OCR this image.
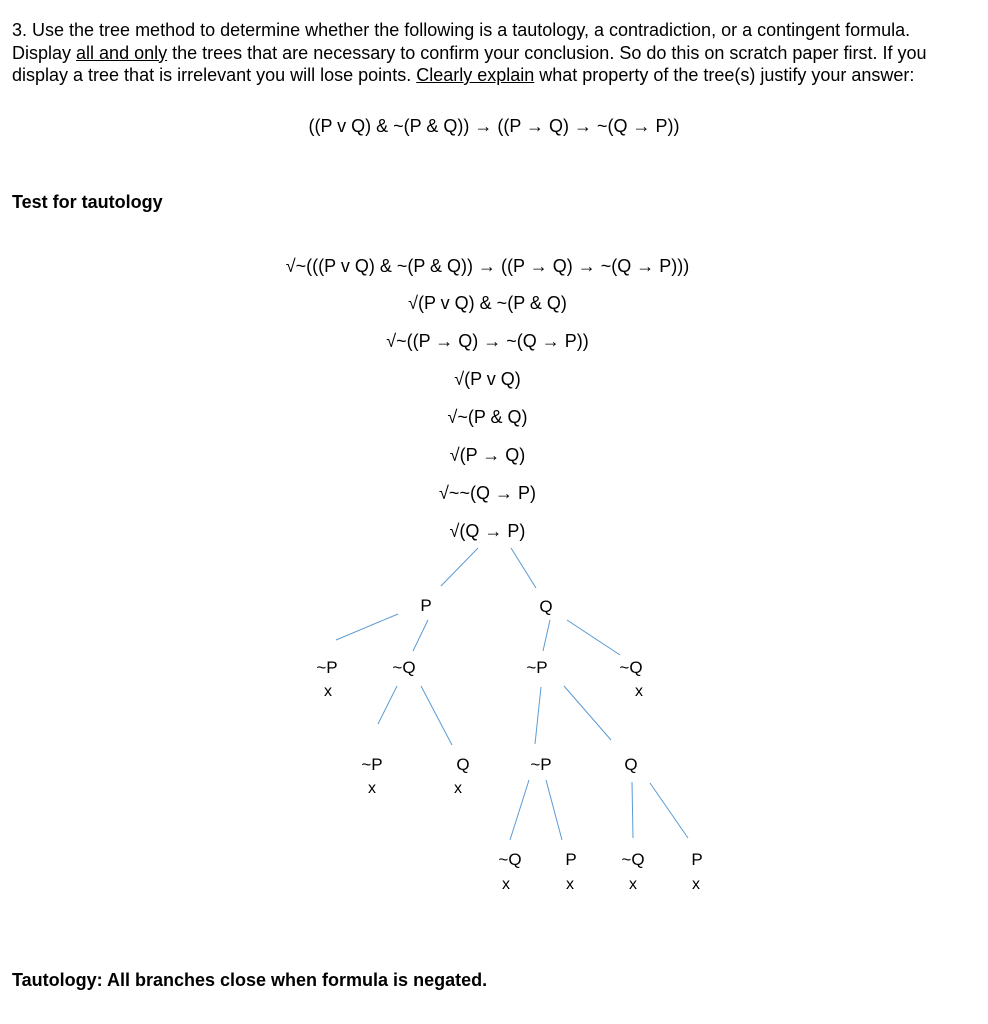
3. Use the tree method to determine whether the following is a tautology, a contradiction, or a contingent formula. Display all and only the trees that are necessary to confirm your conclusion. So do this on scratch paper first. If you display a tree that is irrelevant you will lose points. Clearly explain what property of the tree(s) justify your answer:
((P v Q) & ~(P & Q)) → ((P → Q) → ~(Q → P))
Test for tautology
√~(((P v Q) & ~(P & Q)) → ((P → Q) → ~(Q → P)))
√(P v Q) & ~(P & Q)
√~((P → Q) → ~(Q → P))
√(P v Q)
√~(P & Q)
√(P → Q)
√~~(Q → P)
√(Q → P)
P	Q
~P
x
~Q	~P	~Q
x
~P
x
Q
x
~P	Q
~Q
x
P
x
~Q
x
P
x
Tautology: All branches close when formula is negated.
